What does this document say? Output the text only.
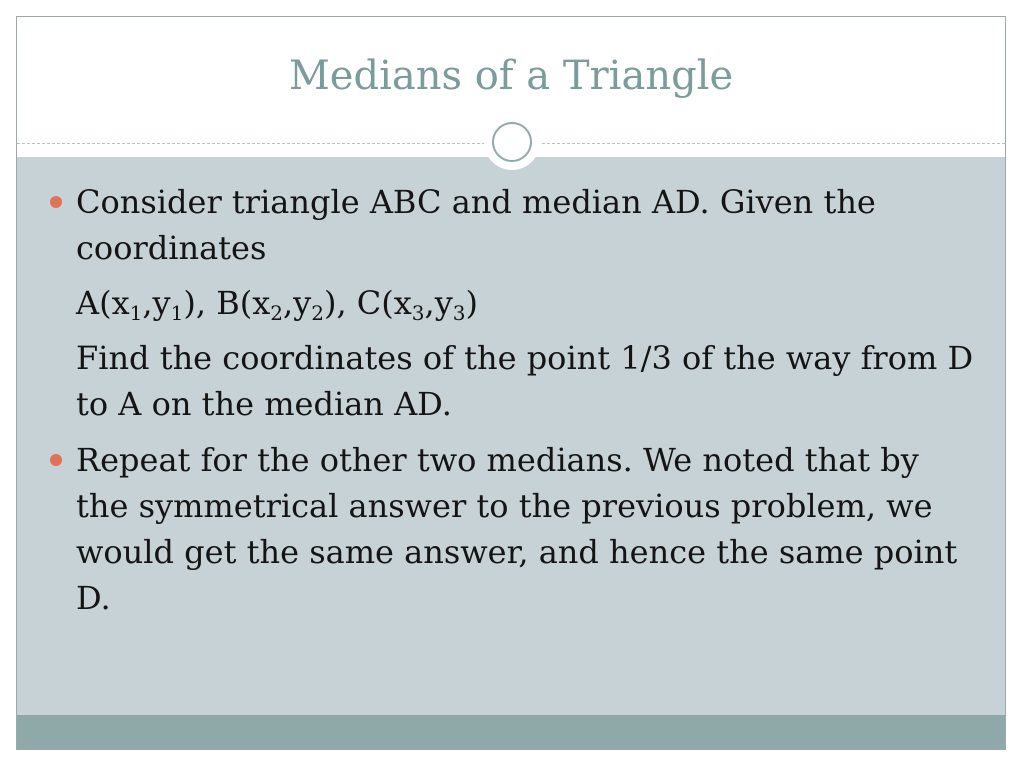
Medians of a Triangle

Consider triangle ABC and median AD. Given the coordinates

$A(x_1,y_1)$, $B(x_2,y_2)$, $C(x_3,y_3)$

Find the coordinates of the point 1/3 of the way from D to A on the median AD.

Repeat for the other two medians. We noted that by the symmetrical answer to the previous problem, we would get the same answer, and hence the same point D.
